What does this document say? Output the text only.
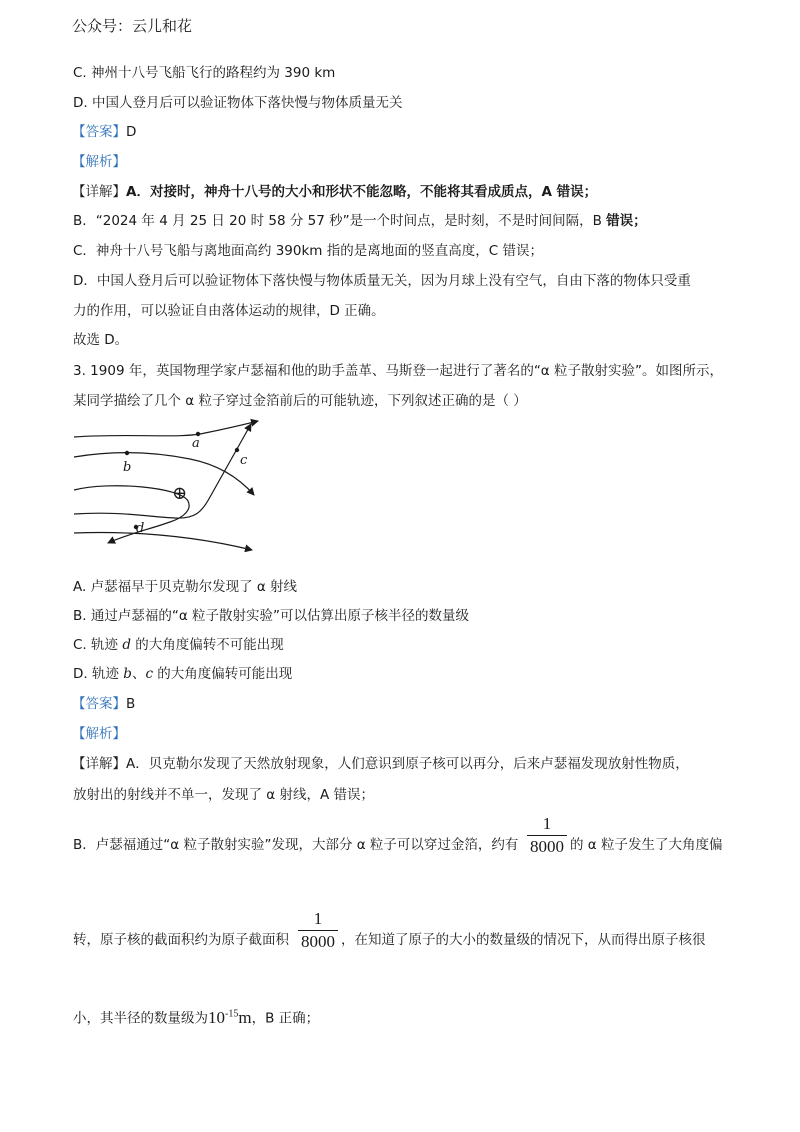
公众号：云儿和花
C. 神州十八号飞船飞行的路程约为 390 km
D. 中国人登月后可以验证物体下落快慢与物体质量无关
【答案】D
【解析】
【详解】A．对接时，神舟十八号的大小和形状不能忽略，不能将其看成质点，A 错误；
B．“2024 年 4 月 25 日 20 时 58 分 57 秒”是一个时间点，是时刻，不是时间间隔，B 错误；
C．神舟十八号飞船与离地面高约 390km 指的是离地面的竖直高度，C 错误；
D．中国人登月后可以验证物体下落快慢与物体质量无关，因为月球上没有空气，自由下落的物体只受重
力的作用，可以验证自由落体运动的规律，D 正确。
故选 D。
3. 1909 年，英国物理学家卢瑟福和他的助手盖革、马斯登一起进行了著名的“α 粒子散射实验”。如图所示，
某同学描绘了几个 α 粒子穿过金箔前后的可能轨迹，下列叙述正确的是（ ）
a
b
d
c
⊕
A. 卢瑟福早于贝克勒尔发现了 α 射线
B. 通过卢瑟福的“α 粒子散射实验”可以估算出原子核半径的数量级
C. 轨迹 d 的大角度偏转不可能出现
D. 轨迹 b、c 的大角度偏转可能出现
【答案】B
【解析】
【详解】A．贝克勒尔发现了天然放射现象，人们意识到原子核可以再分，后来卢瑟福发现放射性物质，
放射出的射线并不单一，发现了 α 射线，A 错误；
B．卢瑟福通过“α 粒子散射实验”发现，大部分 α 粒子可以穿过金箔，约有
1
8000 的 α 粒子发生了大角度偏
转，原子核的截面积约为原子截面积
1
8000 ，在知道了原子的大小的数量级的情况下，从而得出原子核很
小，其半径的数量级为$10^{-15}m$，B 正确；
